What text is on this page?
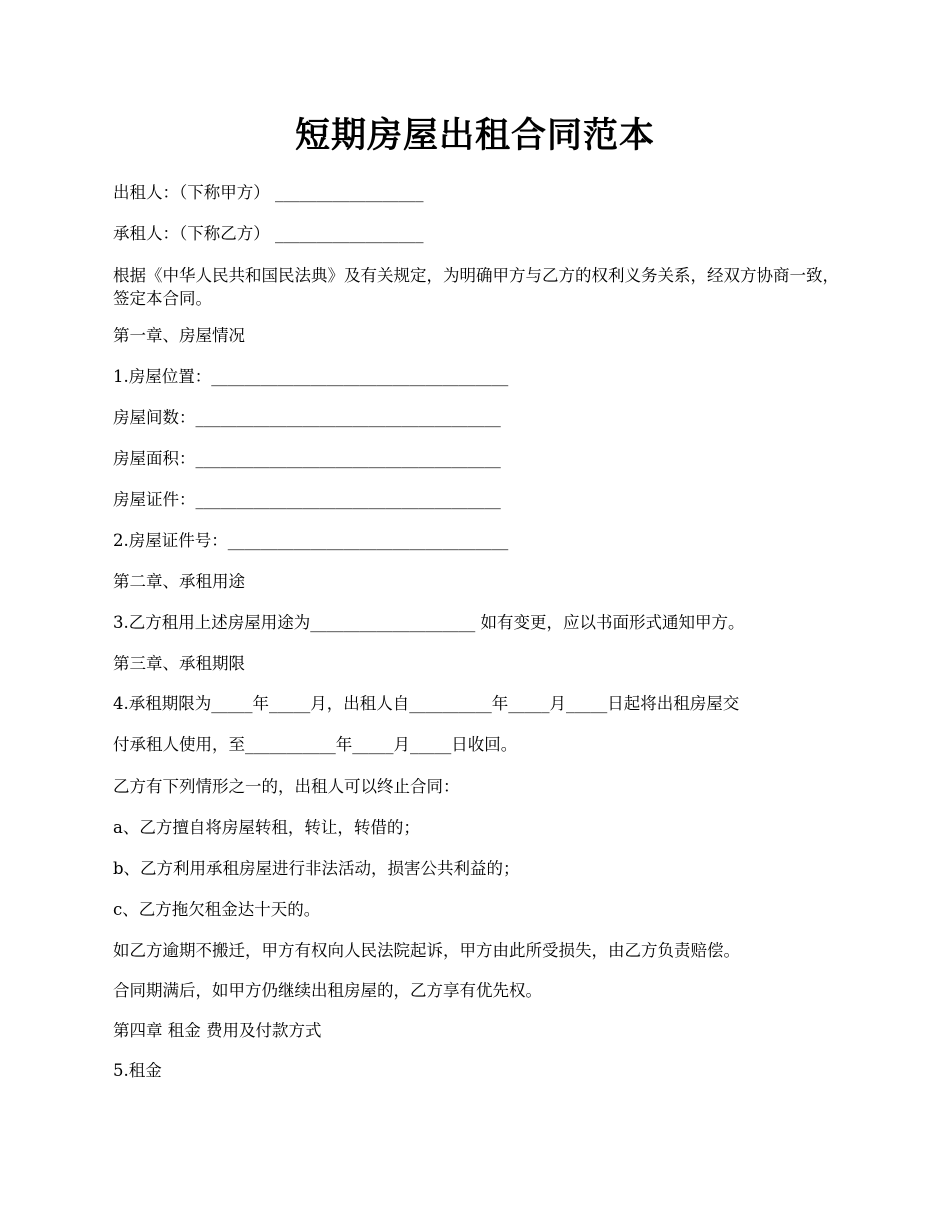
短期房屋出租合同范本
出租人：（下称甲方） __________________
承租人：（下称乙方） __________________
根据《中华人民共和国民法典》及有关规定，为明确甲方与乙方的权利义务关系，经双方协商一致，签定本合同。
第一章、房屋情况
1.房屋位置：____________________________________
房屋间数：_____________________________________
房屋面积：_____________________________________
房屋证件：_____________________________________
2.房屋证件号：__________________________________
第二章、承租用途
3.乙方租用上述房屋用途为____________________ 如有变更，应以书面形式通知甲方。
第三章、承租期限
4.承租期限为_____年_____月，出租人自__________年_____月_____日起将出租房屋交
付承租人使用，至___________年_____月_____日收回。
乙方有下列情形之一的，出租人可以终止合同：
a、乙方擅自将房屋转租，转让，转借的；
b、乙方利用承租房屋进行非法活动，损害公共利益的；
c、乙方拖欠租金达十天的。
如乙方逾期不搬迁，甲方有权向人民法院起诉，甲方由此所受损失，由乙方负责赔偿。
合同期满后，如甲方仍继续出租房屋的，乙方享有优先权。
第四章 租金 费用及付款方式
5.租金
